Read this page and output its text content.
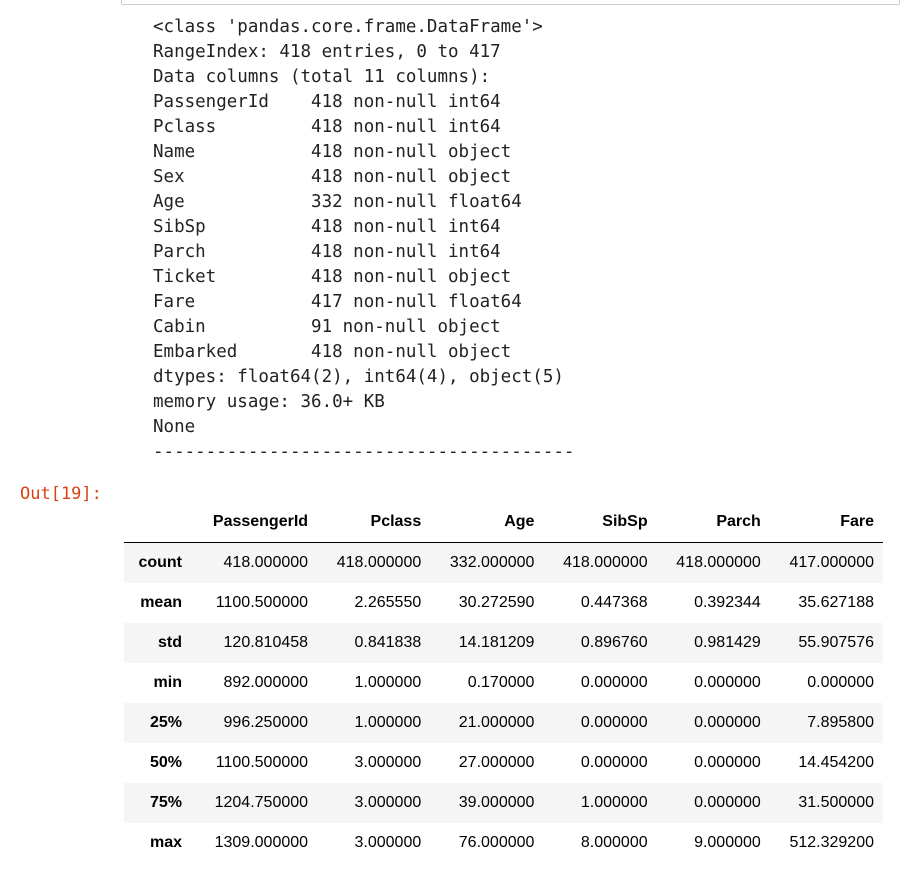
<class 'pandas.core.frame.DataFrame'>
RangeIndex: 418 entries, 0 to 417
Data columns (total 11 columns):
PassengerId    418 non-null int64
Pclass         418 non-null int64
Name           418 non-null object
Sex            418 non-null object
Age            332 non-null float64
SibSp          418 non-null int64
Parch          418 non-null int64
Ticket         418 non-null object
Fare           417 non-null float64
Cabin          91 non-null object
Embarked       418 non-null object
dtypes: float64(2), int64(4), object(5)
memory usage: 36.0+ KB
None
----------------------------------------
Out[19]:
	PassengerId	Pclass	Age	SibSp	Parch	Fare
count	418.000000	418.000000	332.000000	418.000000	418.000000	417.000000
mean	1100.500000	2.265550	30.272590	0.447368	0.392344	35.627188
std	120.810458	0.841838	14.181209	0.896760	0.981429	55.907576
min	892.000000	1.000000	0.170000	0.000000	0.000000	0.000000
25%	996.250000	1.000000	21.000000	0.000000	0.000000	7.895800
50%	1100.500000	3.000000	27.000000	0.000000	0.000000	14.454200
75%	1204.750000	3.000000	39.000000	1.000000	0.000000	31.500000
max	1309.000000	3.000000	76.000000	8.000000	9.000000	512.329200
